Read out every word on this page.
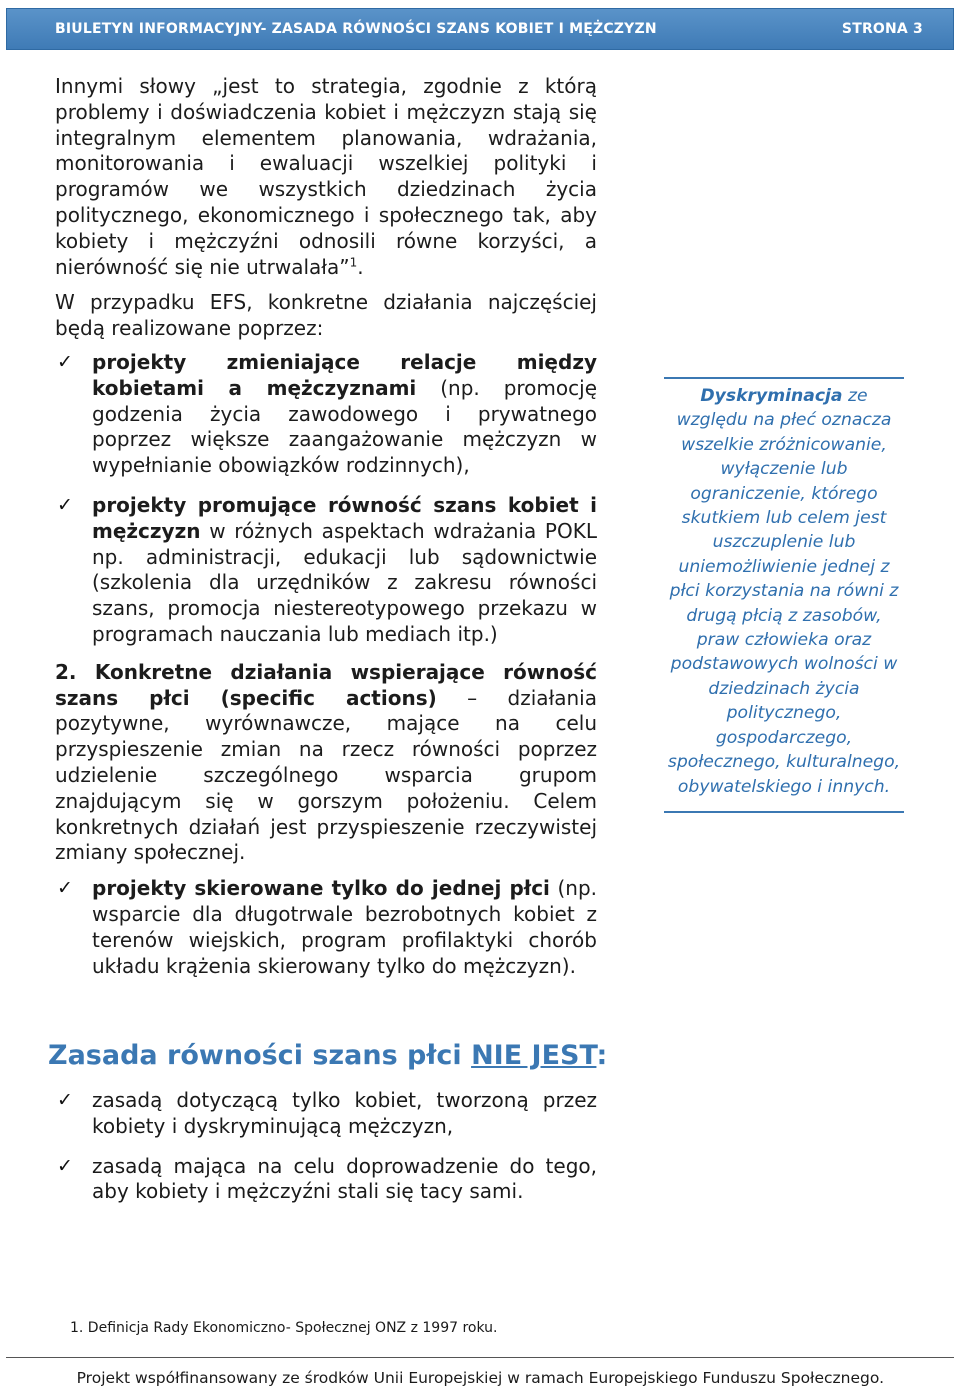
BIULETYN INFORMACYJNY- ZASADA RÓWNOŚCI SZANS KOBIET I MĘŻCZYZN	STRONA 3

Innymi słowy „jest to strategia, zgodnie z którą problemy i doświadczenia kobiet i mężczyzn stają się integralnym elementem planowania, wdrażania, monitorowania i ewaluacji wszelkiej polityki i programów we wszystkich dziedzinach życia politycznego, ekonomicznego i społecznego tak, aby kobiety i mężczyźni odnosili równe korzyści, a nierówność się nie utrwalała”$^1$.

W przypadku EFS, konkretne działania najczęściej będą realizowane poprzez:

✓ projekty zmieniające relacje między kobietami a mężczyznami (np. promocję godzenia życia zawodowego i prywatnego poprzez większe zaangażowanie mężczyzn w wypełnianie obowiązków rodzinnych),
✓ projekty promujące równość szans kobiet i mężczyzn w różnych aspektach wdrażania POKL np. administracji, edukacji lub sądownictwie (szkolenia dla urzędników z zakresu równości szans, promocja niestereotypowego przekazu w programach nauczania lub mediach itp.)

2. Konkretne działania wspierające równość szans płci (specific actions) – działania pozytywne, wyrównawcze, mające na celu przyspieszenie zmian na rzecz równości poprzez udzielenie szczególnego wsparcia grupom znajdującym się w gorszym położeniu. Celem konkretnych działań jest przyspieszenie rzeczywistej zmiany społecznej.

✓ projekty skierowane tylko do jednej płci (np. wsparcie dla długotrwale bezrobotnych kobiet z terenów wiejskich, program profilaktyki chorób układu krążenia skierowany tylko do mężczyzn).
Dyskryminacja ze względu na płeć oznacza wszelkie zróżnicowanie, wyłączenie lub ograniczenie, którego skutkiem lub celem jest uszczuplenie lub uniemożliwienie jednej z płci korzystania na równi z drugą płcią z zasobów, praw człowieka oraz podstawowych wolności w dziedzinach życia politycznego, gospodarczego, społecznego, kulturalnego, obywatelskiego i innych.
Zasada równości szans płci NIE JEST:
✓ zasadą dotyczącą tylko kobiet, tworzoną przez kobiety i dyskryminującą mężczyzn,
✓ zasadą mająca na celu doprowadzenie do tego, aby kobiety i mężczyźni stali się tacy sami.
1. Definicja Rady Ekonomiczno- Społecznej ONZ z 1997 roku.
Projekt współfinansowany ze środków Unii Europejskiej w ramach Europejskiego Funduszu Społecznego.
